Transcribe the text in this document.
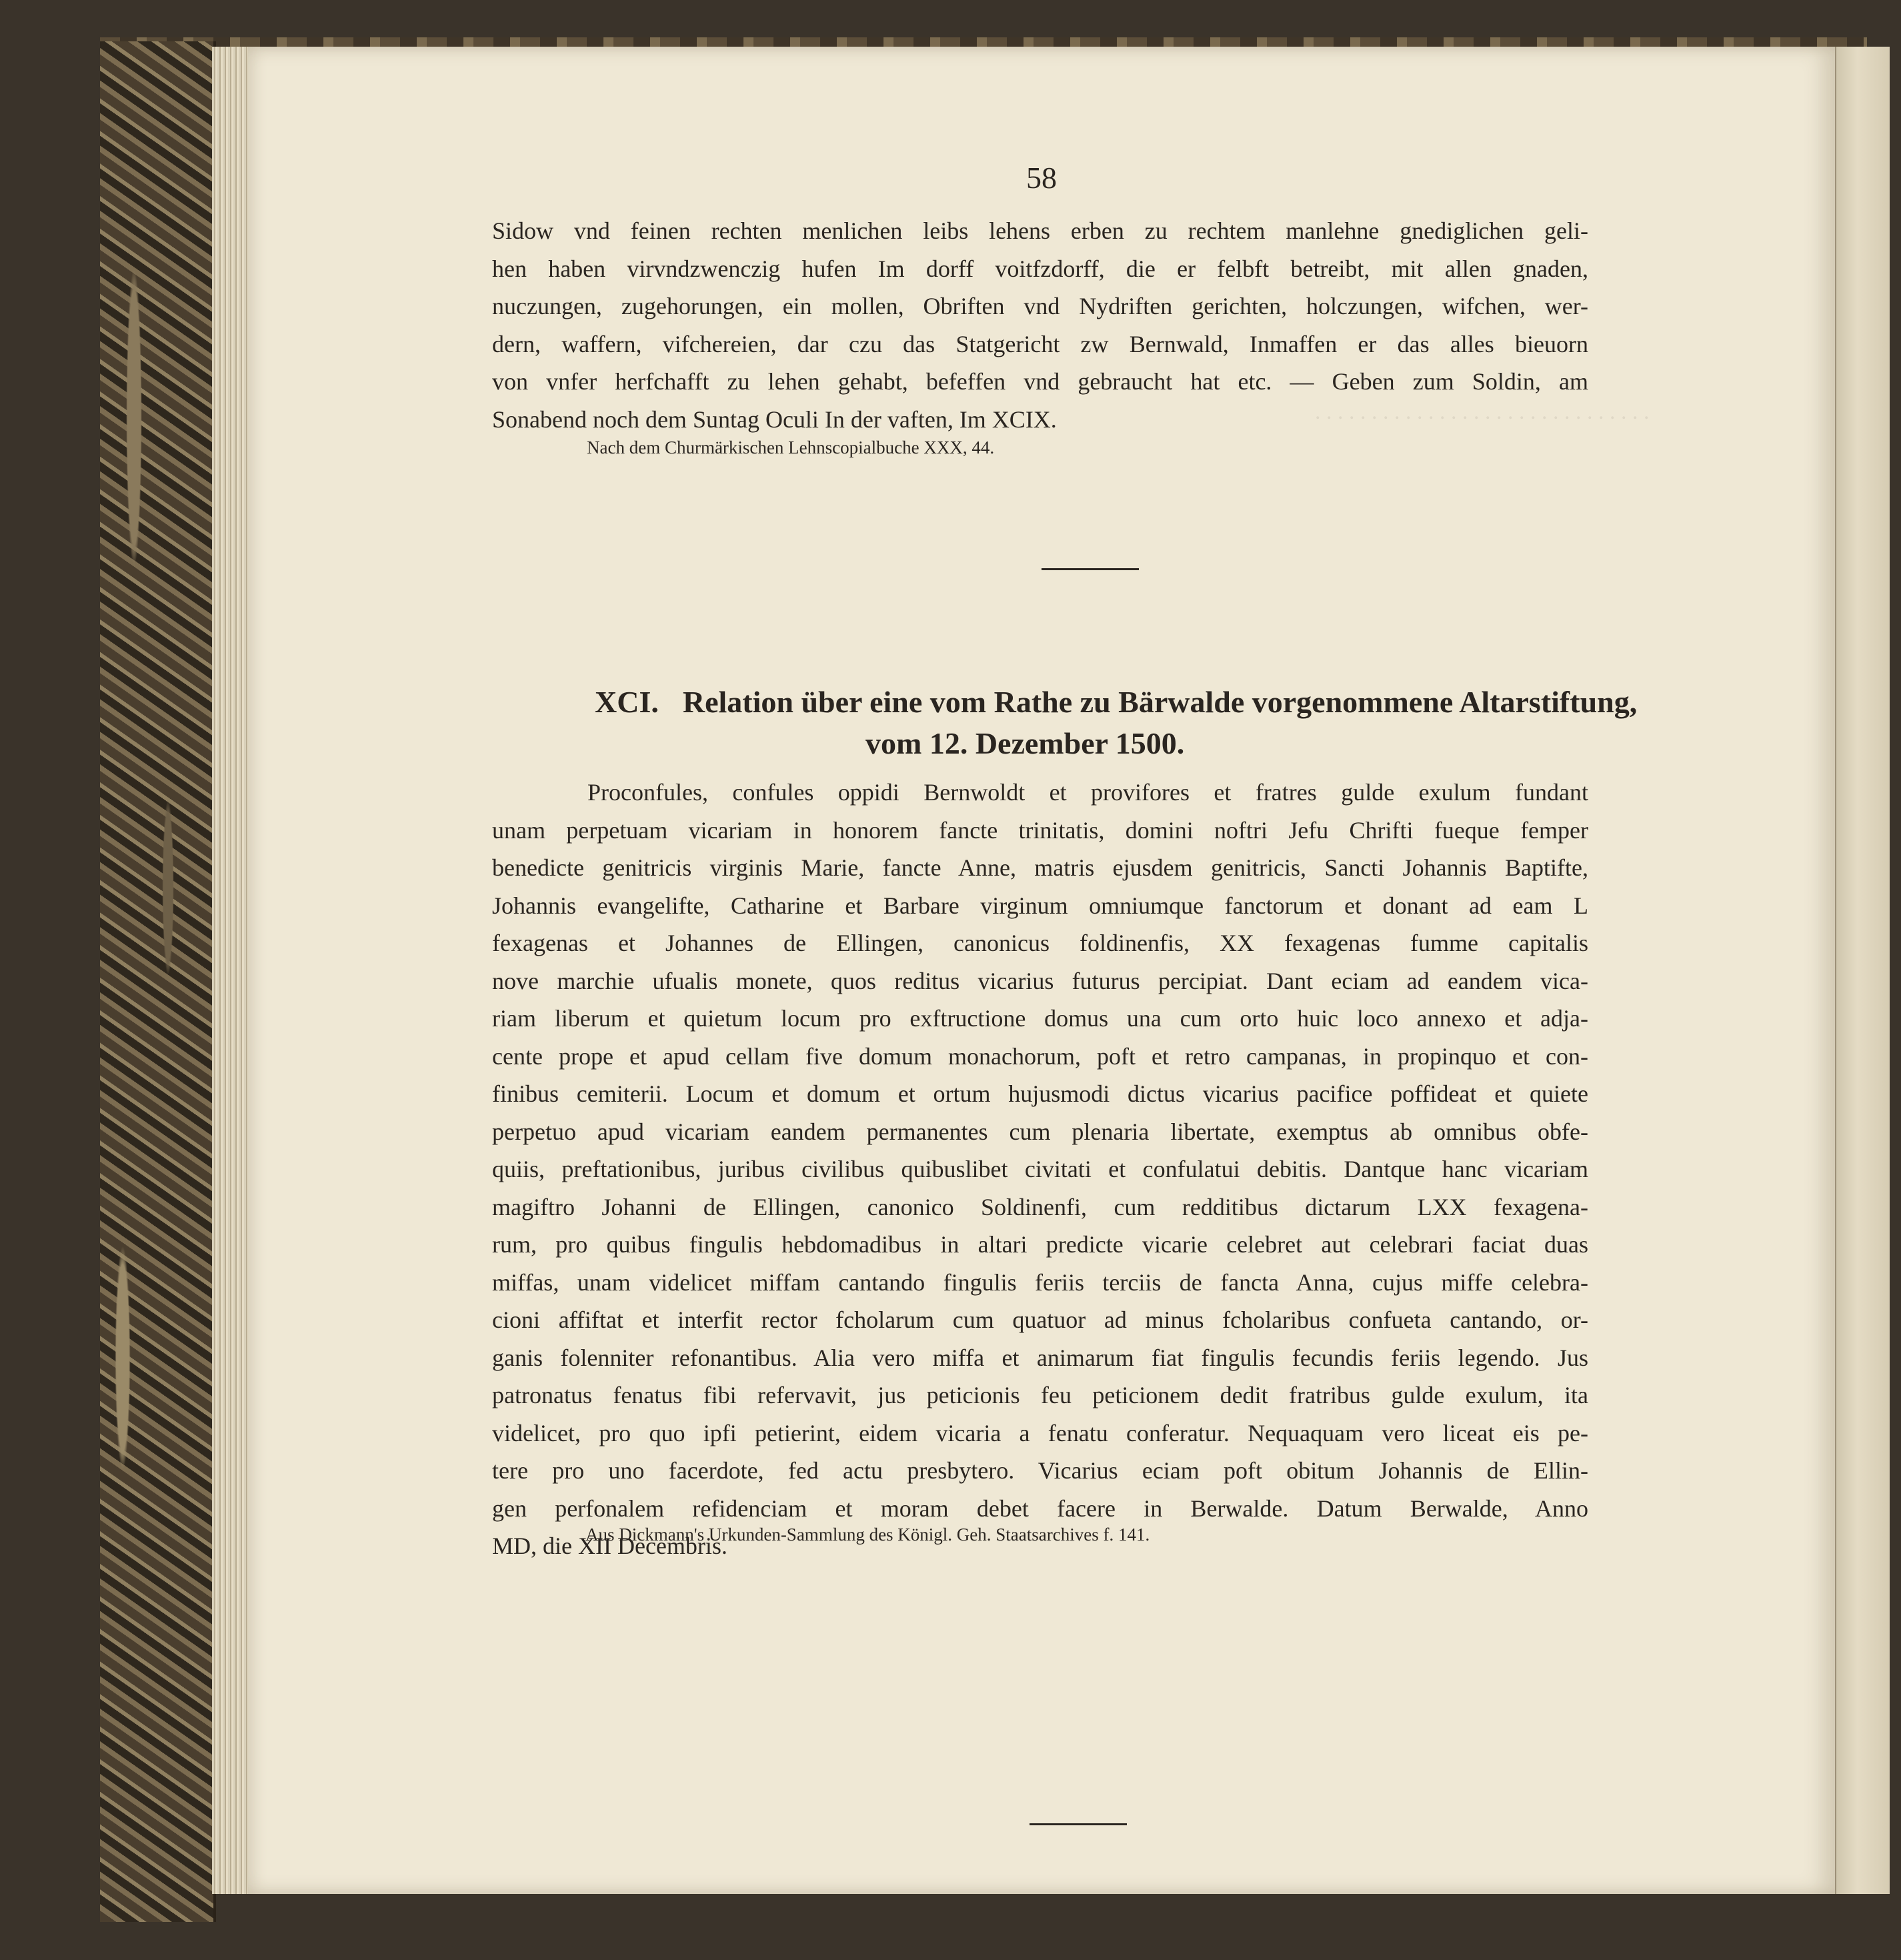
. . . . . . . . . . . . . . . . . . . . . . . . . . . . . .
58
Sidow vnd feinen rechten menlichen leibs lehens erben zu rechtem manlehne gnediglichen geli-
hen haben virvndzwenczig hufen Im dorff voitfzdorff, die er felbft betreibt, mit allen gnaden,
nuczungen, zugehorungen, ein mollen, Obriften vnd Nydriften gerichten, holczungen, wifchen, wer-
dern, waffern, vifchereien, dar czu das Statgericht zw Bernwald, Inmaffen er das alles bieuorn
von vnfer herfchafft zu lehen gehabt, befeffen vnd gebraucht hat etc. — Geben zum Soldin, am
Sonabend noch dem Suntag Oculi In der vaften, Im XCIX.
Nach dem Churmärkischen Lehnscopialbuche XXX, 44.
XCI. Relation über eine vom Rathe zu Bärwalde vorgenommene Altarstiftung,
vom 12. Dezember 1500.
Proconfules, confules oppidi Bernwoldt et provifores et fratres gulde exulum fundant
unam perpetuam vicariam in honorem fancte trinitatis, domini noftri Jefu Chrifti fueque femper
benedicte genitricis virginis Marie, fancte Anne, matris ejusdem genitricis, Sancti Johannis Baptifte,
Johannis evangelifte, Catharine et Barbare virginum omniumque fanctorum et donant ad eam L
fexagenas et Johannes de Ellingen, canonicus foldinenfis, XX fexagenas fumme capitalis
nove marchie ufualis monete, quos reditus vicarius futurus percipiat. Dant eciam ad eandem vica-
riam liberum et quietum locum pro exftructione domus una cum orto huic loco annexo et adja-
cente prope et apud cellam five domum monachorum, poft et retro campanas, in propinquo et con-
finibus cemiterii. Locum et domum et ortum hujusmodi dictus vicarius pacifice poffideat et quiete
perpetuo apud vicariam eandem permanentes cum plenaria libertate, exemptus ab omnibus obfe-
quiis, preftationibus, juribus civilibus quibuslibet civitati et confulatui debitis. Dantque hanc vicariam
magiftro Johanni de Ellingen, canonico Soldinenfi, cum redditibus dictarum LXX fexagena-
rum, pro quibus fingulis hebdomadibus in altari predicte vicarie celebret aut celebrari faciat duas
miffas, unam videlicet miffam cantando fingulis feriis terciis de fancta Anna, cujus miffe celebra-
cioni affiftat et interfit rector fcholarum cum quatuor ad minus fcholaribus confueta cantando, or-
ganis folenniter refonantibus. Alia vero miffa et animarum fiat fingulis fecundis feriis legendo. Jus
patronatus fenatus fibi refervavit, jus peticionis feu peticionem dedit fratribus gulde exulum, ita
videlicet, pro quo ipfi petierint, eidem vicaria a fenatu conferatur. Nequaquam vero liceat eis pe-
tere pro uno facerdote, fed actu presbytero. Vicarius eciam poft obitum Johannis de Ellin-
gen perfonalem refidenciam et moram debet facere in Berwalde. Datum Berwalde, Anno
MD, die XII Decembris.
Aus Dickmann's Urkunden-Sammlung des Königl. Geh. Staatsarchives f. 141.
